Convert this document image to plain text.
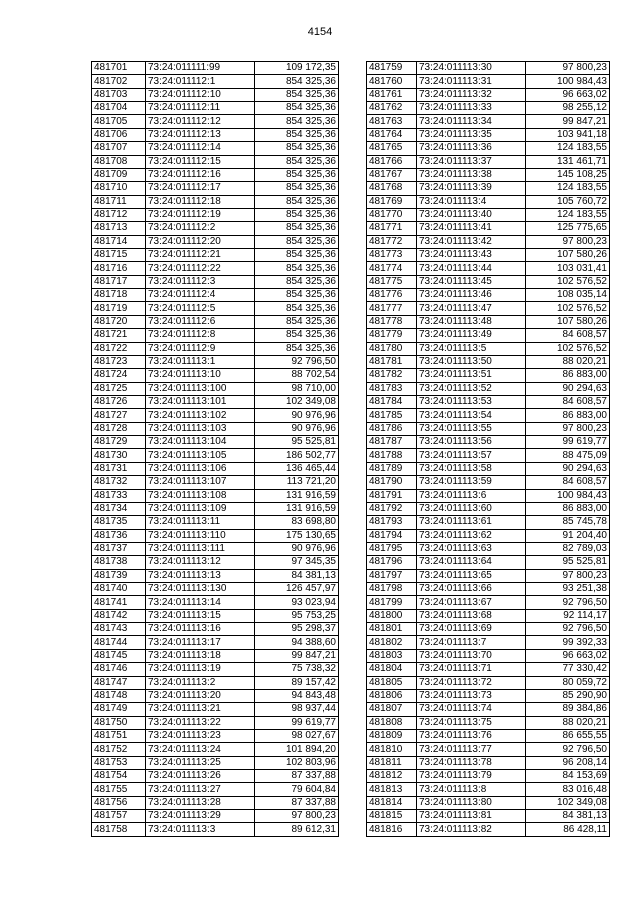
4154
481701	73:24:011111:99	109 172,35
481702	73:24:011112:1	854 325,36
481703	73:24:011112:10	854 325,36
481704	73:24:011112:11	854 325,36
481705	73:24:011112:12	854 325,36
481706	73:24:011112:13	854 325,36
481707	73:24:011112:14	854 325,36
481708	73:24:011112:15	854 325,36
481709	73:24:011112:16	854 325,36
481710	73:24:011112:17	854 325,36
481711	73:24:011112:18	854 325,36
481712	73:24:011112:19	854 325,36
481713	73:24:011112:2	854 325,36
481714	73:24:011112:20	854 325,36
481715	73:24:011112:21	854 325,36
481716	73:24:011112:22	854 325,36
481717	73:24:011112:3	854 325,36
481718	73:24:011112:4	854 325,36
481719	73:24:011112:5	854 325,36
481720	73:24:011112:6	854 325,36
481721	73:24:011112:8	854 325,36
481722	73:24:011112:9	854 325,36
481723	73:24:011113:1	92 796,50
481724	73:24:011113:10	88 702,54
481725	73:24:011113:100	98 710,00
481726	73:24:011113:101	102 349,08
481727	73:24:011113:102	90 976,96
481728	73:24:011113:103	90 976,96
481729	73:24:011113:104	95 525,81
481730	73:24:011113:105	186 502,77
481731	73:24:011113:106	136 465,44
481732	73:24:011113:107	113 721,20
481733	73:24:011113:108	131 916,59
481734	73:24:011113:109	131 916,59
481735	73:24:011113:11	83 698,80
481736	73:24:011113:110	175 130,65
481737	73:24:011113:111	90 976,96
481738	73:24:011113:12	97 345,35
481739	73:24:011113:13	84 381,13
481740	73:24:011113:130	126 457,97
481741	73:24:011113:14	93 023,94
481742	73:24:011113:15	95 753,25
481743	73:24:011113:16	95 298,37
481744	73:24:011113:17	94 388,60
481745	73:24:011113:18	99 847,21
481746	73:24:011113:19	75 738,32
481747	73:24:011113:2	89 157,42
481748	73:24:011113:20	94 843,48
481749	73:24:011113:21	98 937,44
481750	73:24:011113:22	99 619,77
481751	73:24:011113:23	98 027,67
481752	73:24:011113:24	101 894,20
481753	73:24:011113:25	102 803,96
481754	73:24:011113:26	87 337,88
481755	73:24:011113:27	79 604,84
481756	73:24:011113:28	87 337,88
481757	73:24:011113:29	97 800,23
481758	73:24:011113:3	89 612,31
481759	73:24:011113:30	97 800,23
481760	73:24:011113:31	100 984,43
481761	73:24:011113:32	96 663,02
481762	73:24:011113:33	98 255,12
481763	73:24:011113:34	99 847,21
481764	73:24:011113:35	103 941,18
481765	73:24:011113:36	124 183,55
481766	73:24:011113:37	131 461,71
481767	73:24:011113:38	145 108,25
481768	73:24:011113:39	124 183,55
481769	73:24:011113:4	105 760,72
481770	73:24:011113:40	124 183,55
481771	73:24:011113:41	125 775,65
481772	73:24:011113:42	97 800,23
481773	73:24:011113:43	107 580,26
481774	73:24:011113:44	103 031,41
481775	73:24:011113:45	102 576,52
481776	73:24:011113:46	108 035,14
481777	73:24:011113:47	102 576,52
481778	73:24:011113:48	107 580,26
481779	73:24:011113:49	84 608,57
481780	73:24:011113:5	102 576,52
481781	73:24:011113:50	88 020,21
481782	73:24:011113:51	86 883,00
481783	73:24:011113:52	90 294,63
481784	73:24:011113:53	84 608,57
481785	73:24:011113:54	86 883,00
481786	73:24:011113:55	97 800,23
481787	73:24:011113:56	99 619,77
481788	73:24:011113:57	88 475,09
481789	73:24:011113:58	90 294,63
481790	73:24:011113:59	84 608,57
481791	73:24:011113:6	100 984,43
481792	73:24:011113:60	86 883,00
481793	73:24:011113:61	85 745,78
481794	73:24:011113:62	91 204,40
481795	73:24:011113:63	82 789,03
481796	73:24:011113:64	95 525,81
481797	73:24:011113:65	97 800,23
481798	73:24:011113:66	93 251,38
481799	73:24:011113:67	92 796,50
481800	73:24:011113:68	92 114,17
481801	73:24:011113:69	92 796,50
481802	73:24:011113:7	99 392,33
481803	73:24:011113:70	96 663,02
481804	73:24:011113:71	77 330,42
481805	73:24:011113:72	80 059,72
481806	73:24:011113:73	85 290,90
481807	73:24:011113:74	89 384,86
481808	73:24:011113:75	88 020,21
481809	73:24:011113:76	86 655,55
481810	73:24:011113:77	92 796,50
481811	73:24:011113:78	96 208,14
481812	73:24:011113:79	84 153,69
481813	73:24:011113:8	83 016,48
481814	73:24:011113:80	102 349,08
481815	73:24:011113:81	84 381,13
481816	73:24:011113:82	86 428,11
